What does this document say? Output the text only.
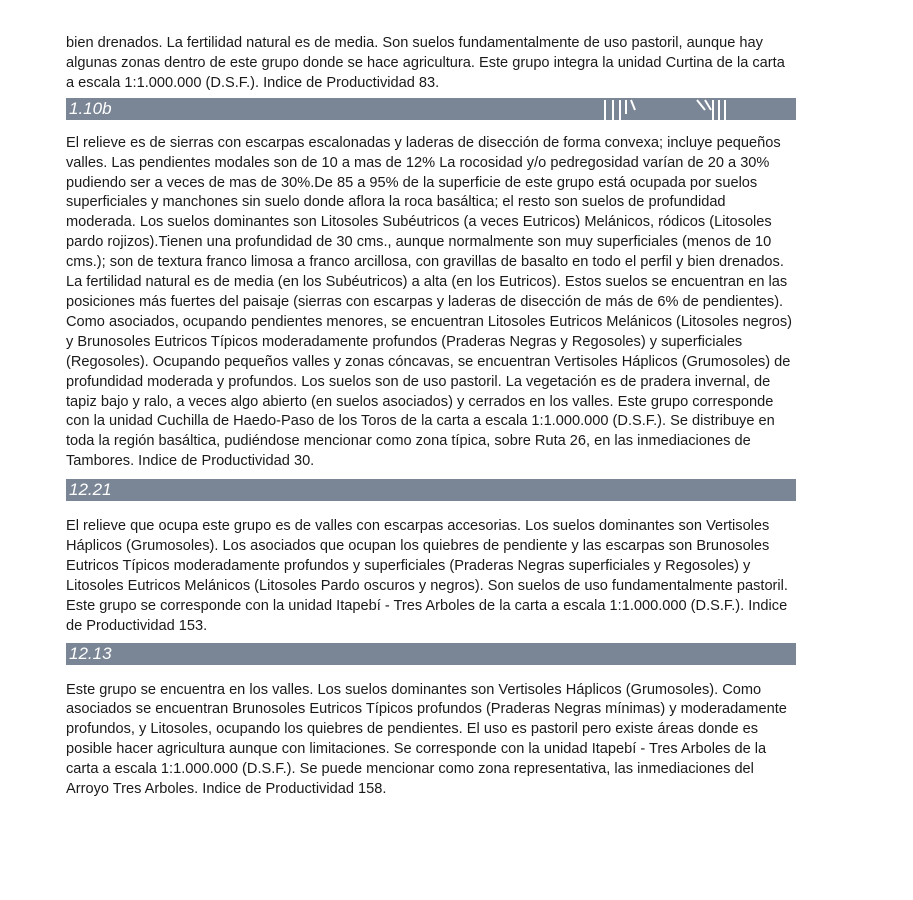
bien drenados. La fertilidad natural es de media. Son suelos fundamentalmente de uso pastoril, aunque hay algunas zonas dentro de este grupo donde se hace agricultura. Este grupo integra la unidad Curtina de la carta a escala 1:1.000.000 (D.S.F.). Indice de Productividad 83.

1.10b

El relieve es de sierras con escarpas escalonadas y laderas de disección de forma convexa; incluye pequeños valles. Las pendientes modales son de 10 a mas de 12% La rocosidad y/o pedregosidad varían de 20 a 30% pudiendo ser a veces de mas de 30%.De 85 a 95% de la superficie de este grupo está ocupada por suelos superficiales y manchones sin suelo donde aflora la roca basáltica; el resto son suelos de profundidad moderada. Los suelos dominantes son Litosoles Subéutricos (a veces Eutricos) Melánicos, ródicos (Litosoles pardo rojizos).Tienen una profundidad de 30 cms., aunque normalmente son muy superficiales (menos de 10 cms.); son de textura franco limosa a franco arcillosa, con gravillas de basalto en todo el perfil y bien drenados. La fertilidad natural es de media (en los Subéutricos) a alta (en los Eutricos). Estos suelos se encuentran en las posiciones más fuertes del paisaje (sierras con escarpas y laderas de disección de más de 6% de pendientes). Como asociados, ocupando pendientes menores, se encuentran Litosoles Eutricos Melánicos (Litosoles negros) y Brunosoles Eutricos Típicos moderadamente profundos (Praderas Negras y Regosoles) y superficiales (Regosoles). Ocupando pequeños valles y zonas cóncavas, se encuentran Vertisoles Háplicos (Grumosoles) de profundidad moderada y profundos. Los suelos son de uso pastoril. La vegetación es de pradera invernal, de tapiz bajo y ralo, a veces algo abierto (en suelos asociados) y cerrados en los valles. Este grupo corresponde con la unidad Cuchilla de Haedo-Paso de los Toros de la carta a escala 1:1.000.000 (D.S.F.). Se distribuye en toda la región basáltica, pudiéndose mencionar como zona típica, sobre Ruta 26, en las inmediaciones de Tambores. Indice de Productividad 30.

12.21

El relieve que ocupa este grupo es de valles con escarpas accesorias. Los suelos dominantes son Vertisoles Háplicos (Grumosoles). Los asociados que ocupan los quiebres de pendiente y las escarpas son Brunosoles Eutricos Típicos moderadamente profundos y superficiales (Praderas Negras superficiales y Regosoles) y Litosoles Eutricos Melánicos (Litosoles Pardo oscuros y negros). Son suelos de uso fundamentalmente pastoril. Este grupo se corresponde con la unidad Itapebí - Tres Arboles de la carta a escala 1:1.000.000 (D.S.F.). Indice de Productividad 153.

12.13

Este grupo se encuentra en los valles. Los suelos dominantes son Vertisoles Háplicos (Grumosoles). Como asociados se encuentran Brunosoles Eutricos Típicos profundos (Praderas Negras mínimas) y moderadamente profundos, y Litosoles, ocupando los quiebres de pendientes. El uso es pastoril pero existe áreas donde es posible hacer agricultura aunque con limitaciones. Se corresponde con la unidad Itapebí - Tres Arboles de la carta a escala 1:1.000.000 (D.S.F.). Se puede mencionar como zona representativa, las inmediaciones del Arroyo Tres Arboles. Indice de Productividad 158.
